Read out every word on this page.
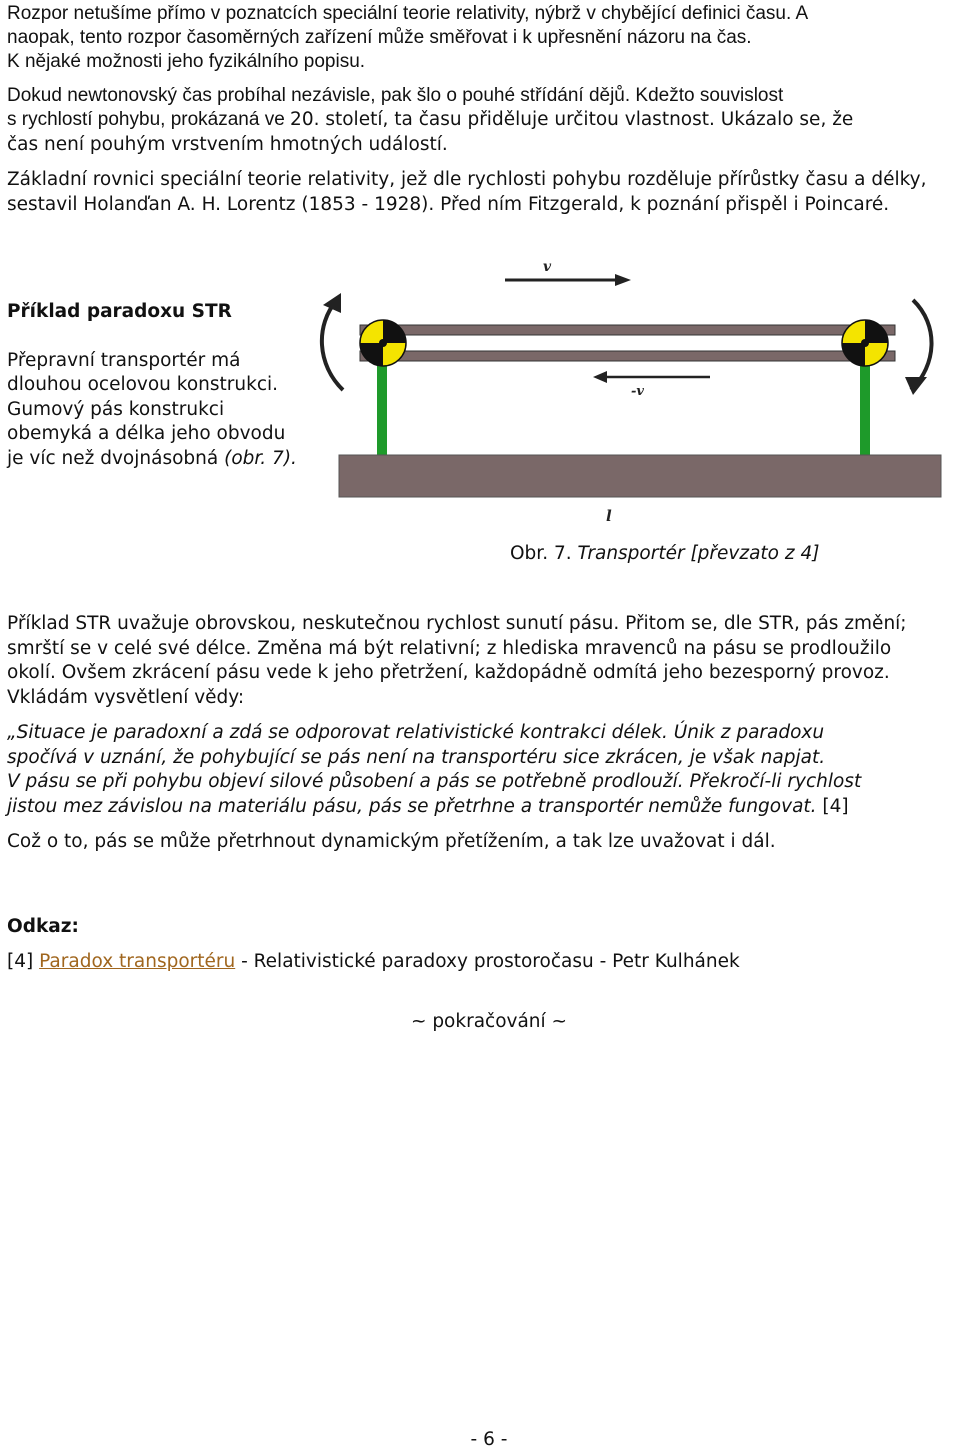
Rozpor netušíme přímo v poznatcích speciální teorie relativity, nýbrž v chybějící definici času. A

naopak, tento rozpor časoměrných zařízení může směřovat i k upřesnění názoru na čas.

K nějaké možnosti jeho fyzikálního popisu.

Dokud newtonovský čas probíhal nezávisle, pak šlo o pouhé střídání dějů. Kdežto souvislost

s rychlostí pohybu, prokázaná ve 20. století, ta času přiděluje určitou vlastnost. Ukázalo se, že

čas není pouhým vrstvením hmotných událostí.

Základní rovnici speciální teorie relativity, jež dle rychlosti pohybu rozděluje přírůstky času a délky, sestavil Holanďan A. H. Lorentz (1853 - 1928). Před ním Fitzgerald, k poznání přispěl i Poincaré.

Příklad paradoxu STR

Přepravní transportér má dlouhou ocelovou konstrukci. Gumový pás konstrukci obemyká a délka jeho obvodu je víc než dvojnásobná (obr. 7).

v
-v
l

Obr. 7. Transportér [převzato z 4]

Příklad STR uvažuje obrovskou, neskutečnou rychlost sunutí pásu. Přitom se, dle STR, pás změní; smrští se v celé své délce. Změna má být relativní; z hlediska mravenců na pásu se prodloužilo okolí. Ovšem zkrácení pásu vede k jeho přetržení, každopádně odmítá jeho bezesporný provoz. Vkládám vysvětlení vědy:

„Situace je paradoxní a zdá se odporovat relativistické kontrakci délek. Únik z paradoxu

spočívá v uznání, že pohybující se pás není na transportéru sice zkrácen, je však napjat.

V pásu se při pohybu objeví silové působení a pás se potřebně prodlouží. Překročí-li rychlost

jistou mez závislou na materiálu pásu, pás se přetrhne a transportér nemůže fungovat. [4]

Což o to, pás se může přetrhnout dynamickým přetížením, a tak lze uvažovat i dál.

Odkaz:

[4] Paradox transportéru - Relativistické paradoxy prostoročasu - Petr Kulhánek

~ pokračování ~

- 6 -
